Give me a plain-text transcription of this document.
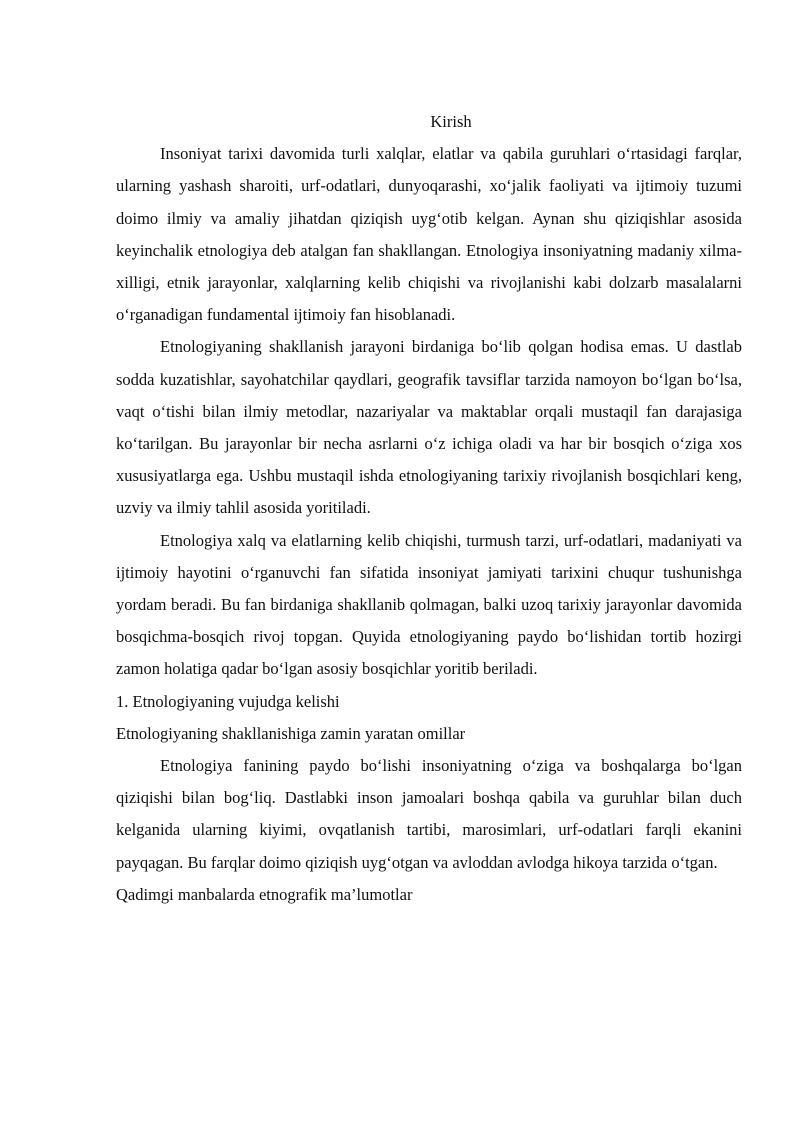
Kirish

Insoniyat tarixi davomida turli xalqlar, elatlar va qabila guruhlari o‘rtasidagi farqlar, ularning yashash sharoiti, urf-odatlari, dunyoqarashi, xo‘jalik faoliyati va ijtimoiy tuzumi doimo ilmiy va amaliy jihatdan qiziqish uyg‘otib kelgan. Aynan shu qiziqishlar asosida keyinchalik etnologiya deb atalgan fan shakllangan. Etnologiya insoniyatning madaniy xilma-xilligi, etnik jarayonlar, xalqlarning kelib chiqishi va rivojlanishi kabi dolzarb masalalarni o‘rganadigan fundamental ijtimoiy fan hisoblanadi.

Etnologiyaning shakllanish jarayoni birdaniga bo‘lib qolgan hodisa emas. U dastlab sodda kuzatishlar, sayohatchilar qaydlari, geografik tavsiflar tarzida namoyon bo‘lgan bo‘lsa, vaqt o‘tishi bilan ilmiy metodlar, nazariyalar va maktablar orqali mustaqil fan darajasiga ko‘tarilgan. Bu jarayonlar bir necha asrlarni o‘z ichiga oladi va har bir bosqich o‘ziga xos xususiyatlarga ega. Ushbu mustaqil ishda etnologiyaning tarixiy rivojlanish bosqichlari keng, uzviy va ilmiy tahlil asosida yoritiladi.

Etnologiya xalq va elatlarning kelib chiqishi, turmush tarzi, urf-odatlari, madaniyati va ijtimoiy hayotini o‘rganuvchi fan sifatida insoniyat jamiyati tarixini chuqur tushunishga yordam beradi. Bu fan birdaniga shakllanib qolmagan, balki uzoq tarixiy jarayonlar davomida bosqichma-bosqich rivoj topgan. Quyida etnologiyaning paydo bo‘lishidan tortib hozirgi zamon holatiga qadar bo‘lgan asosiy bosqichlar yoritib beriladi.

1. Etnologiyaning vujudga kelishi

Etnologiyaning shakllanishiga zamin yaratan omillar

Etnologiya fanining paydo bo‘lishi insoniyatning o‘ziga va boshqalarga bo‘lgan qiziqishi bilan bog‘liq. Dastlabki inson jamoalari boshqa qabila va guruhlar bilan duch kelganida ularning kiyimi, ovqatlanish tartibi, marosimlari, urf-odatlari farqli ekanini payqagan. Bu farqlar doimo qiziqish uyg‘otgan va avloddan avlodga hikoya tarzida o‘tgan.

Qadimgi manbalarda etnografik ma’lumotlar
